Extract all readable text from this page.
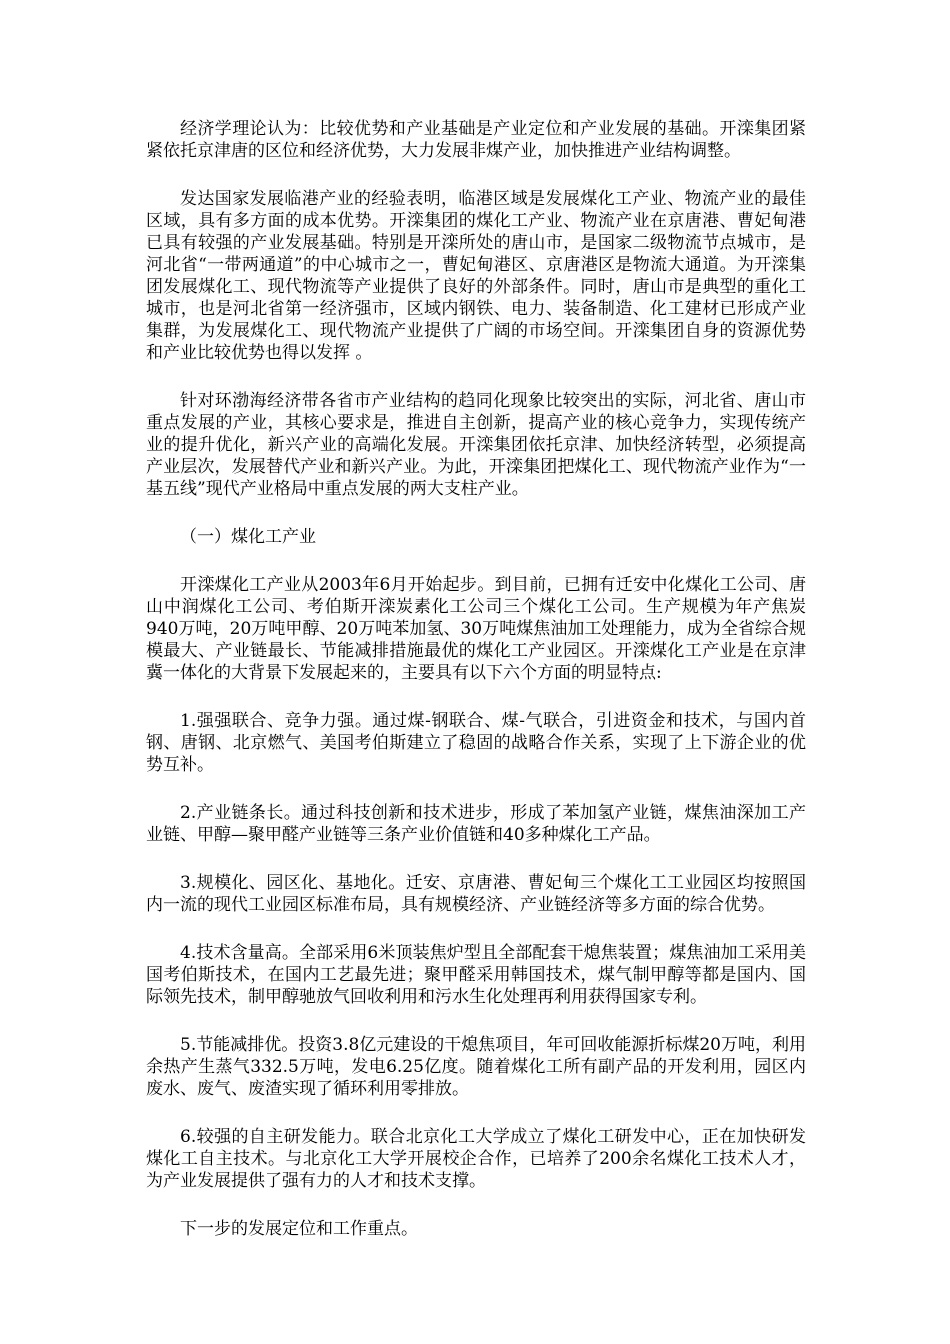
经济学理论认为：比较优势和产业基础是产业定位和产业发展的基础。开滦集团紧紧依托京津唐的区位和经济优势，大力发展非煤产业，加快推进产业结构调整。

发达国家发展临港产业的经验表明，临港区域是发展煤化工产业、物流产业的最佳区域，具有多方面的成本优势。开滦集团的煤化工产业、物流产业在京唐港、曹妃甸港已具有较强的产业发展基础。特别是开滦所处的唐山市，是国家二级物流节点城市，是河北省“一带两通道”的中心城市之一，曹妃甸港区、京唐港区是物流大通道。为开滦集团发展煤化工、现代物流等产业提供了良好的外部条件。同时，唐山市是典型的重化工城市，也是河北省第一经济强市，区域内钢铁、电力、装备制造、化工建材已形成产业集群，为发展煤化工、现代物流产业提供了广阔的市场空间。开滦集团自身的资源优势和产业比较优势也得以发挥 。

针对环渤海经济带各省市产业结构的趋同化现象比较突出的实际，河北省、唐山市重点发展的产业，其核心要求是，推进自主创新，提高产业的核心竞争力，实现传统产业的提升优化，新兴产业的高端化发展。开滦集团依托京津、加快经济转型，必须提高产业层次，发展替代产业和新兴产业。为此，开滦集团把煤化工、现代物流产业作为“一基五线”现代产业格局中重点发展的两大支柱产业。

（一）煤化工产业

开滦煤化工产业从2003年6月开始起步。到目前，已拥有迁安中化煤化工公司、唐山中润煤化工公司、考伯斯开滦炭素化工公司三个煤化工公司。生产规模为年产焦炭940万吨，20万吨甲醇、20万吨苯加氢、30万吨煤焦油加工处理能力，成为全省综合规模最大、产业链最长、节能减排措施最优的煤化工产业园区。开滦煤化工产业是在京津冀一体化的大背景下发展起来的，主要具有以下六个方面的明显特点:

1.强强联合、竞争力强。通过煤-钢联合、煤-气联合，引进资金和技术，与国内首钢、唐钢、北京燃气、美国考伯斯建立了稳固的战略合作关系，实现了上下游企业的优势互补。

2.产业链条长。通过科技创新和技术进步，形成了苯加氢产业链，煤焦油深加工产业链、甲醇—聚甲醛产业链等三条产业价值链和40多种煤化工产品。

3.规模化、园区化、基地化。迁安、京唐港、曹妃甸三个煤化工工业园区均按照国内一流的现代工业园区标准布局，具有规模经济、产业链经济等多方面的综合优势。

4.技术含量高。全部采用6米顶装焦炉型且全部配套干熄焦装置；煤焦油加工采用美国考伯斯技术，在国内工艺最先进；聚甲醛采用韩国技术，煤气制甲醇等都是国内、国际领先技术，制甲醇驰放气回收利用和污水生化处理再利用获得国家专利。

5.节能减排优。投资3.8亿元建设的干熄焦项目，年可回收能源折标煤20万吨，利用余热产生蒸气332.5万吨，发电6.25亿度。随着煤化工所有副产品的开发利用，园区内废水、废气、废渣实现了循环利用零排放。

6.较强的自主研发能力。联合北京化工大学成立了煤化工研发中心，正在加快研发煤化工自主技术。与北京化工大学开展校企合作，已培养了200余名煤化工技术人才，为产业发展提供了强有力的人才和技术支撑。

下一步的发展定位和工作重点。
